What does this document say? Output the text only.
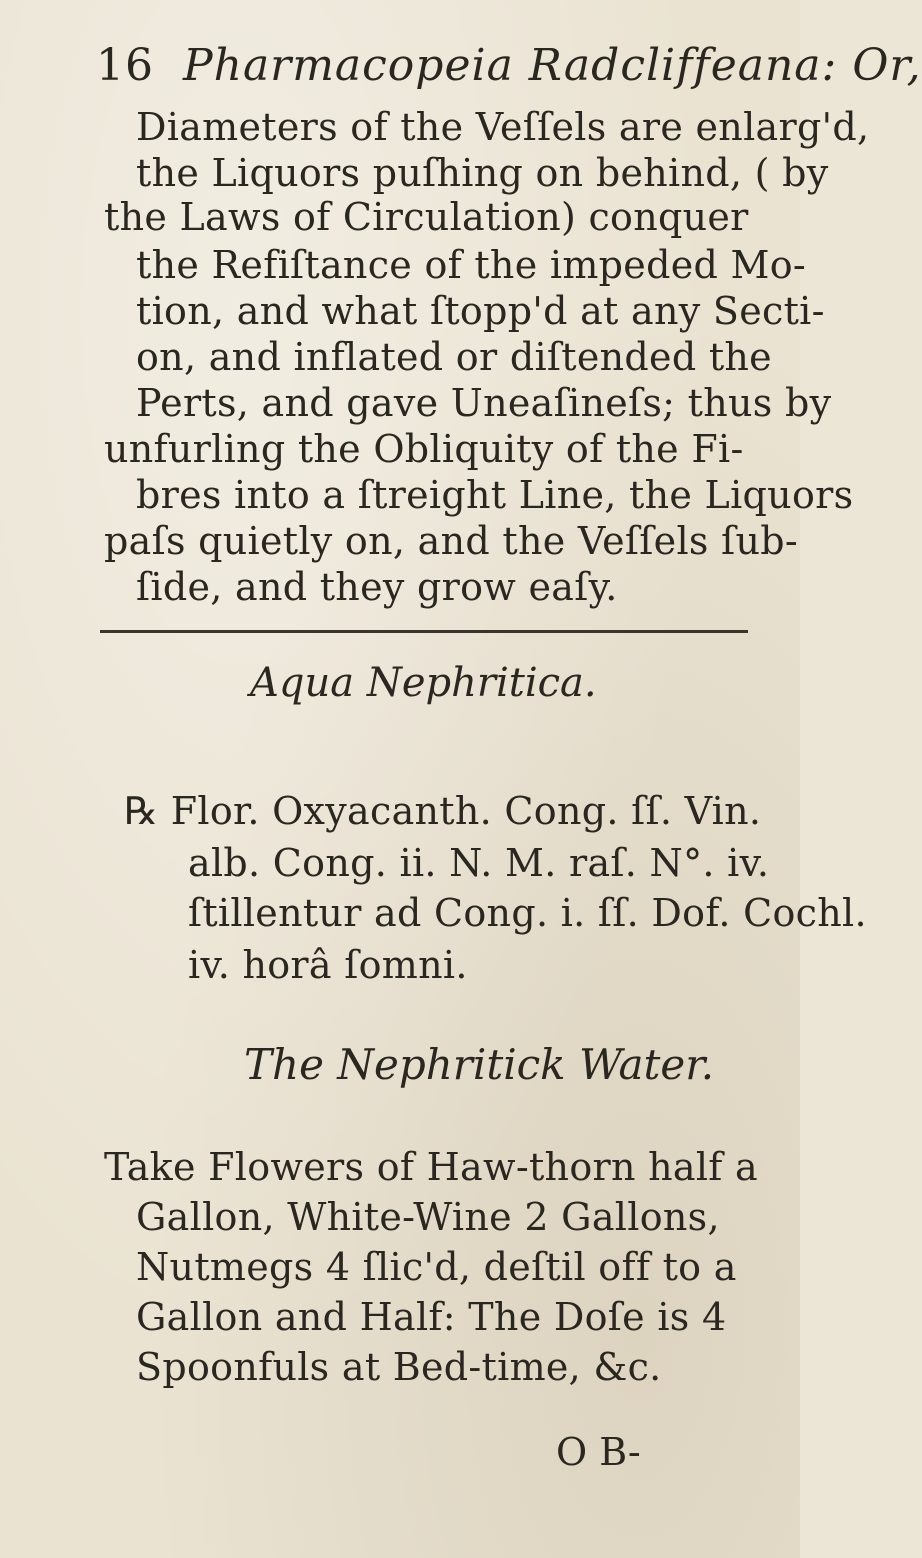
16 Pharmacopeia Radcliffeana: Or,
Diameters of the Veſſels are enlarg'd,
the Liquors puſhing on behind, ( by
the Laws of Circulation) conquer
the Refiſtance of the impeded Mo-
tion, and what ſtopp'd at any Secti-
on, and inflated or diſtended the
Perts, and gave Uneaſineſs; thus by
unfurling the Obliquity of the Fi-
bres into a ſtreight Line, the Liquors
paſs quietly on, and the Veſſels ſub-
ſide, and they grow eaſy.
Aqua Nephritica.
℞ Flor. Oxyacanth. Cong. ſſ. Vin.
alb. Cong. ii. N. M. raſ. N°. iv.
ſtillentur ad Cong. i. ſſ. Dof. Cochl.
iv. horâ ſomni.
The Nephritick Water.
Take Flowers of Haw-thorn half a
Gallon, White-Wine 2 Gallons,
Nutmegs 4 ſlic'd, deſtil off to a
Gallon and Half: The Doſe is 4
Spoonfuls at Bed-time, &c.
O B-
